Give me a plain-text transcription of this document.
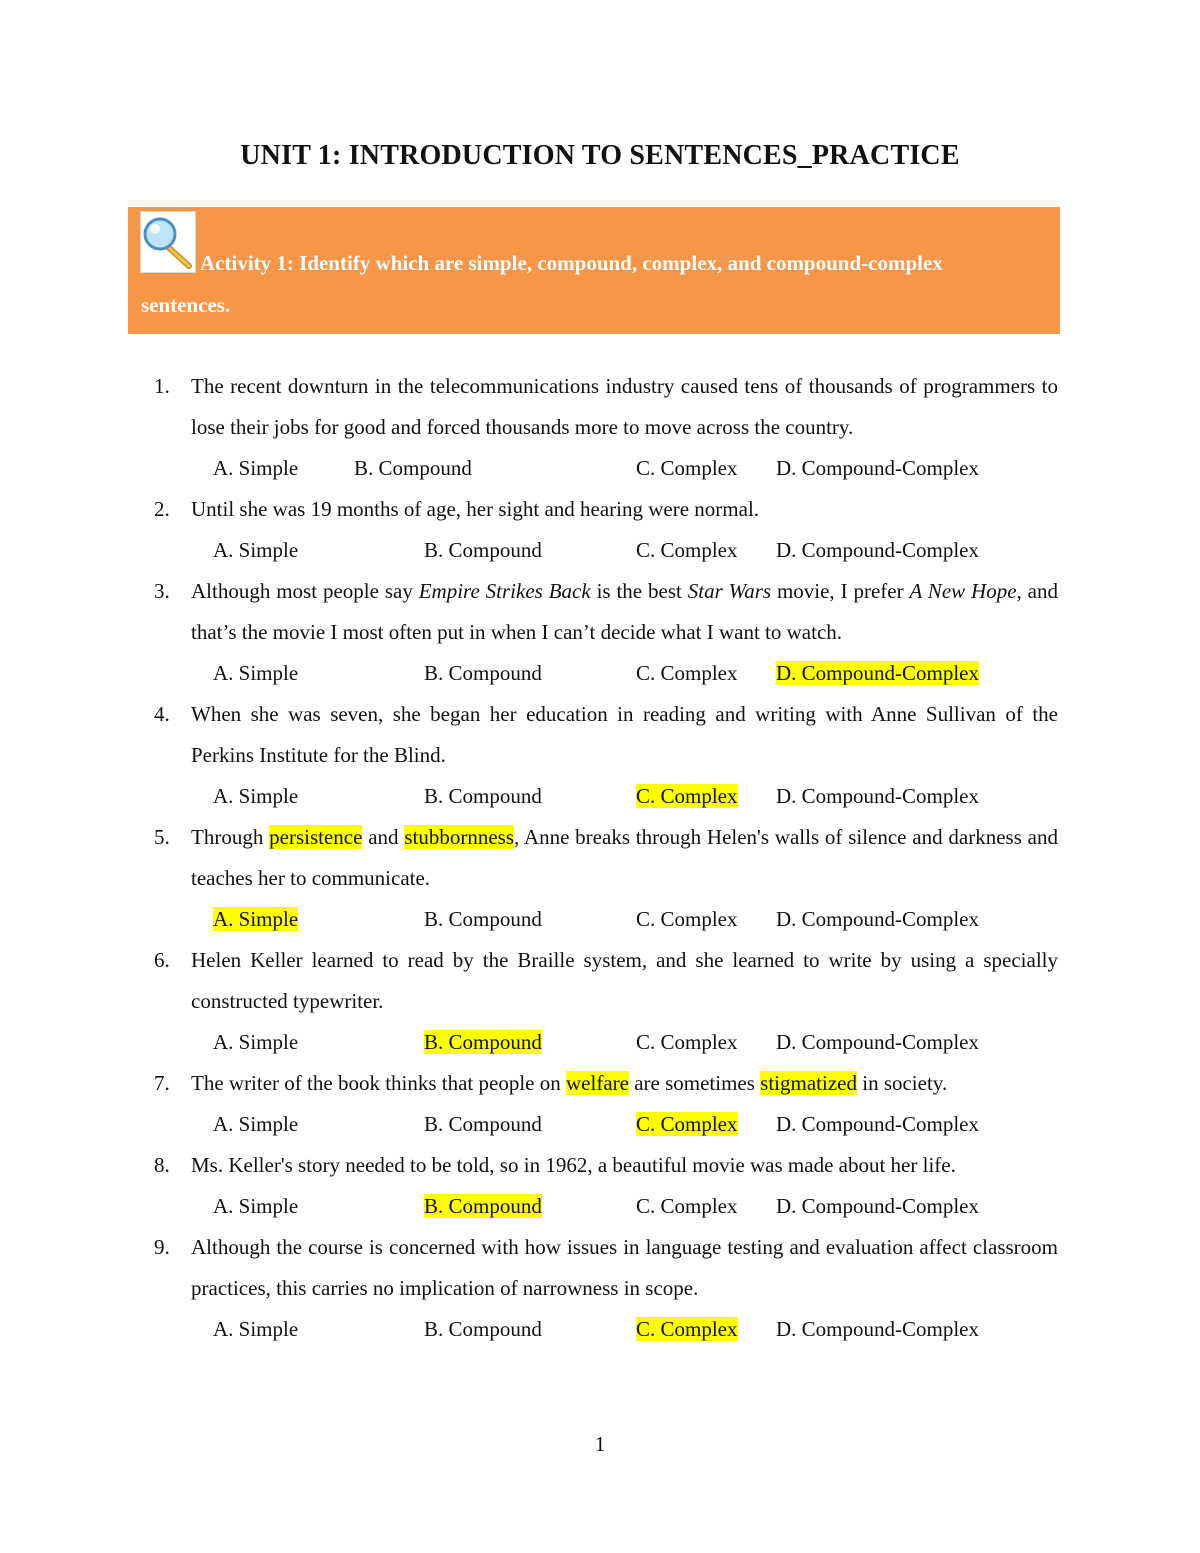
UNIT 1: INTRODUCTION TO SENTENCES_PRACTICE
Activity 1: Identify which are simple, compound, complex, and compound-complex
sentences.
1.	The recent downturn in the telecommunications industry caused tens of thousands of programmers to lose their jobs for good and forced thousands more to move across the country.
A. Simple	B. Compound	C. Complex D. Compound-Complex
2.	Until she was 19 months of age, her sight and hearing were normal.
A. Simple	B. Compound	C. Complex D. Compound-Complex
3.	Although most people say Empire Strikes Back is the best Star Wars movie, I prefer A New Hope, and that’s the movie I most often put in when I can’t decide what I want to watch.
A. Simple	B. Compound	C. Complex D. Compound-Complex
4.	When she was seven, she began her education in reading and writing with Anne Sullivan of the Perkins Institute for the Blind.
A. Simple	B. Compound	C. Complex D. Compound-Complex
5.	Through persistence and stubbornness, Anne breaks through Helen's walls of silence and darkness and teaches her to communicate.
A. Simple	B. Compound	C. Complex D. Compound-Complex
6.	Helen Keller learned to read by the Braille system, and she learned to write by using a specially constructed typewriter.
A. Simple	B. Compound	C. Complex D. Compound-Complex
7.	The writer of the book thinks that people on welfare are sometimes stigmatized in society.
A. Simple	B. Compound	C. Complex D. Compound-Complex
8.	Ms. Keller's story needed to be told, so in 1962, a beautiful movie was made about her life.
A. Simple	B. Compound	C. Complex D. Compound-Complex
9.	Although the course is concerned with how issues in language testing and evaluation affect classroom practices, this carries no implication of narrowness in scope.
A. Simple	B. Compound	C. Complex D. Compound-Complex
1
